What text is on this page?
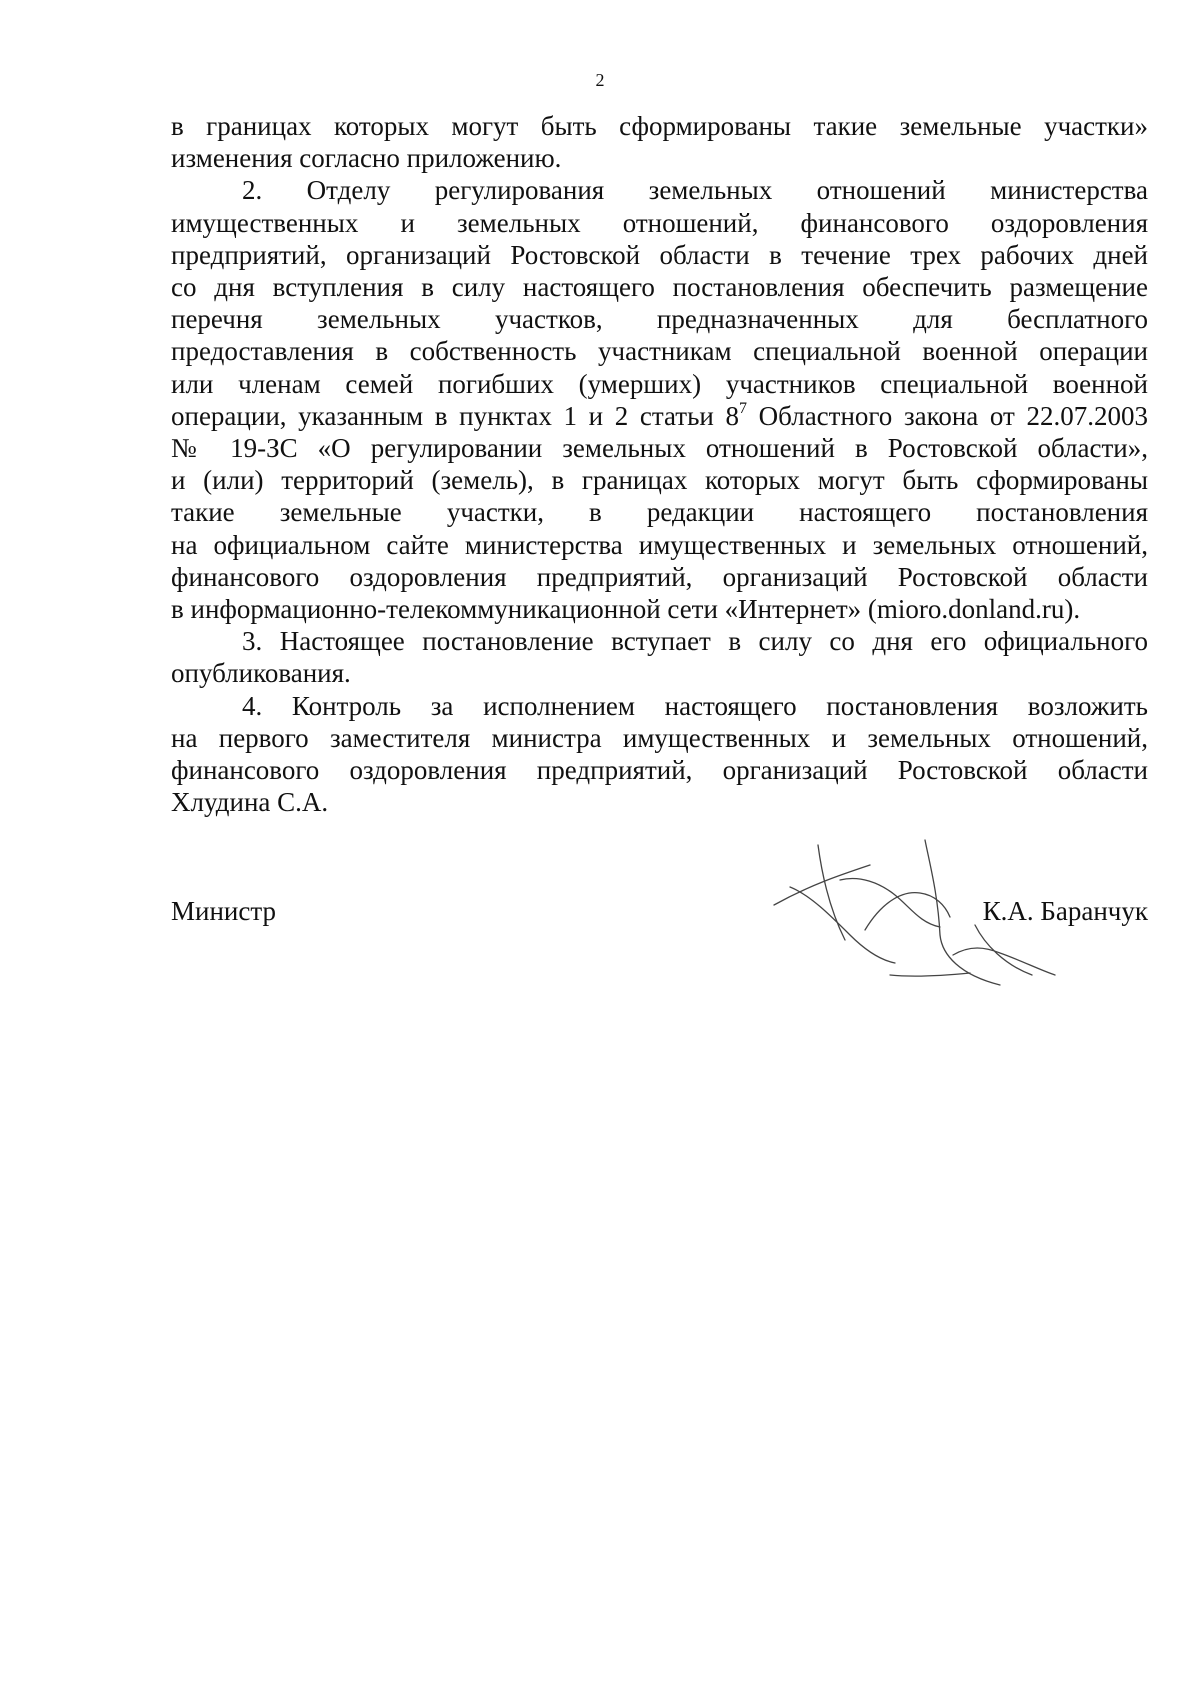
2

в границах которых могут быть сформированы такие земельные участки»
изменения согласно приложению.

2. Отделу регулирования земельных отношений министерства
имущественных и земельных отношений, финансового оздоровления
предприятий, организаций Ростовской области в течение трех рабочих дней
со дня вступления в силу настоящего постановления обеспечить размещение
перечня земельных участков, предназначенных для бесплатного
предоставления в собственность участникам специальной военной операции
или членам семей погибших (умерших) участников специальной военной
операции, указанным в пунктах 1 и 2 статьи $8^7$ Областного закона от 22.07.2003
№ 19-ЗС «О регулировании земельных отношений в Ростовской области»,
и (или) территорий (земель), в границах которых могут быть сформированы
такие земельные участки, в редакции настоящего постановления
на официальном сайте министерства имущественных и земельных отношений,
финансового оздоровления предприятий, организаций Ростовской области
в информационно-телекоммуникационной сети «Интернет» (mioro.donland.ru).

3. Настоящее постановление вступает в силу со дня его официального
опубликования.

4. Контроль за исполнением настоящего постановления возложить
на первого заместителя министра имущественных и земельных отношений,
финансового оздоровления предприятий, организаций Ростовской области
Хлудина С.А.

Министр	К.А. Баранчук
